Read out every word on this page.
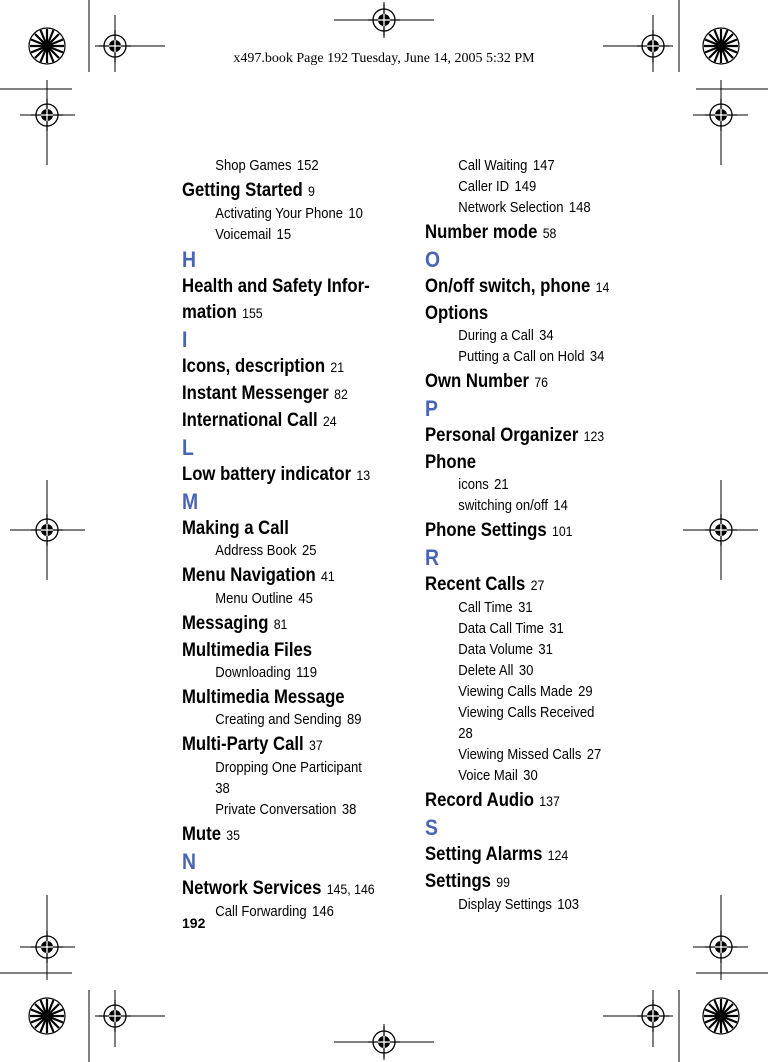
x497.book Page 192 Tuesday, June 14, 2005 5:32 PM
Shop Games 152
Getting Started 9
Activating Your Phone 10
Voicemail 15
H
Health and Safety Infor-
mation 155
I
Icons, description 21
Instant Messenger 82
International Call 24
L
Low battery indicator 13
M
Making a Call
Address Book 25
Menu Navigation 41
Menu Outline 45
Messaging 81
Multimedia Files
Downloading 119
Multimedia Message
Creating and Sending 89
Multi-Party Call 37
Dropping One Participant
38
Private Conversation 38
Mute 35
N
Network Services 145, 146
Call Forwarding 146
Call Waiting 147
Caller ID 149
Network Selection 148
Number mode 58
O
On/off switch, phone 14
Options
During a Call 34
Putting a Call on Hold 34
Own Number 76
P
Personal Organizer 123
Phone
icons 21
switching on/off 14
Phone Settings 101
R
Recent Calls 27
Call Time 31
Data Call Time 31
Data Volume 31
Delete All 30
Viewing Calls Made 29
Viewing Calls Received
28
Viewing Missed Calls 27
Voice Mail 30
Record Audio 137
S
Setting Alarms 124
Settings 99
Display Settings 103
192
